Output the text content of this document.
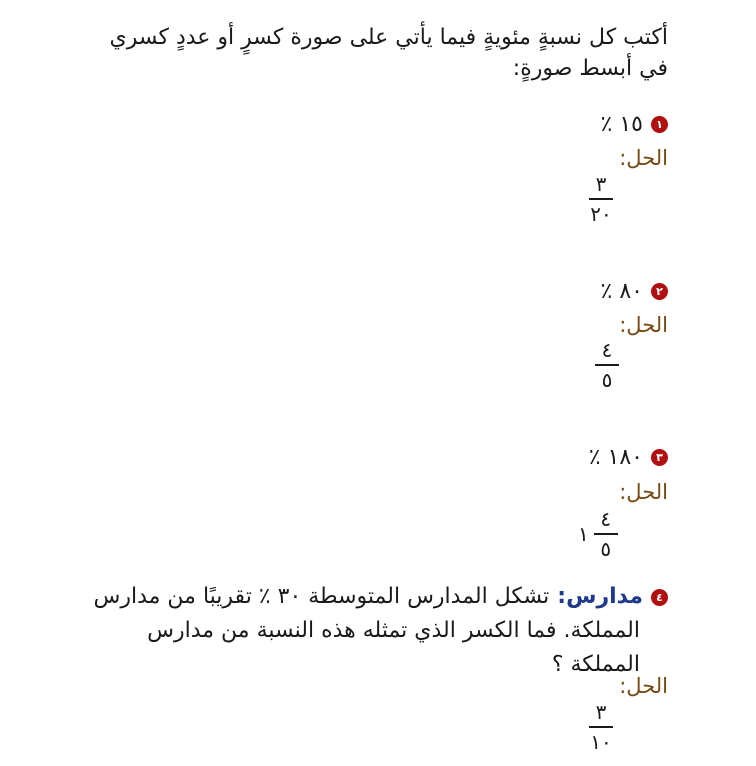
أكتب كل نسبةٍ مئويةٍ فيما يأتي على صورة كسرٍ أو عددٍ كسري في أبسط صورةٍ:
١
١٥ ٪
الحل:
٣
٢٠
٢
٨٠ ٪
الحل:
٤
٥
٣
١٨٠ ٪
الحل:
١ $\frac{٤}{٥}$
٤
مدارس:
تشكل المدارس المتوسطة ٣٠ ٪ تقريبًا من مدارس
المملكة. فما الكسر الذي تمثله هذه النسبة من مدارس
المملكة ؟
الحل:
٣
١٠
